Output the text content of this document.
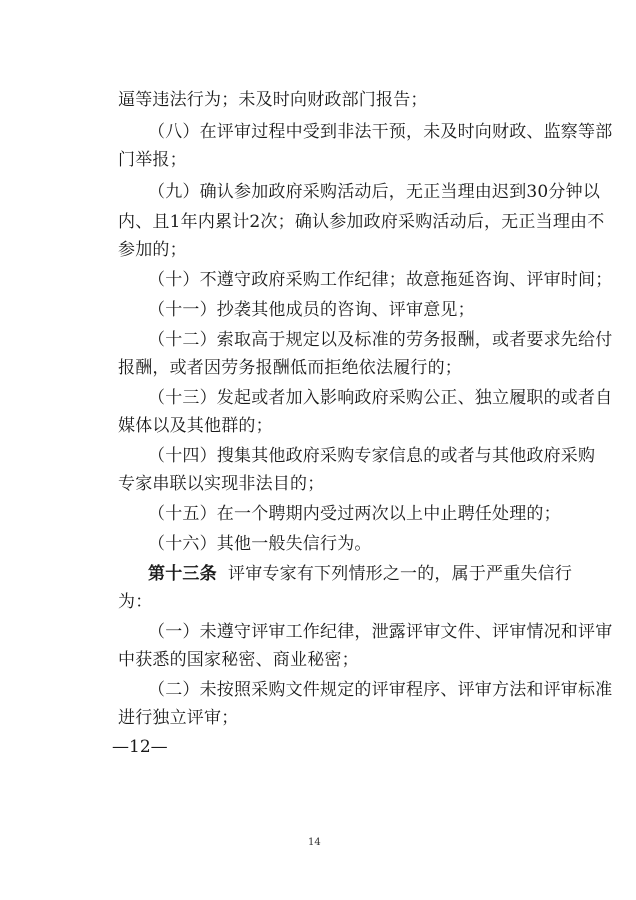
逼等违法行为；未及时向财政部门报告；
（八）在评审过程中受到非法干预，未及时向财政、监察等部
门举报；
（九）确认参加政府采购活动后，无正当理由迟到30分钟以
内、且1年内累计2次；确认参加政府采购活动后，无正当理由不
参加的；
（十）不遵守政府采购工作纪律；故意拖延咨询、评审时间；
（十一）抄袭其他成员的咨询、评审意见；
（十二）索取高于规定以及标准的劳务报酬，或者要求先给付
报酬，或者因劳务报酬低而拒绝依法履行的；
（十三）发起或者加入影响政府采购公正、独立履职的或者自
媒体以及其他群的；
（十四）搜集其他政府采购专家信息的或者与其他政府采购
专家串联以实现非法目的；
（十五）在一个聘期内受过两次以上中止聘任处理的；
（十六）其他一般失信行为。
第十三条 评审专家有下列情形之一的，属于严重失信行
为：
（一）未遵守评审工作纪律，泄露评审文件、评审情况和评审
中获悉的国家秘密、商业秘密；
（二）未按照采购文件规定的评审程序、评审方法和评审标准
进行独立评审；
—12—
14
